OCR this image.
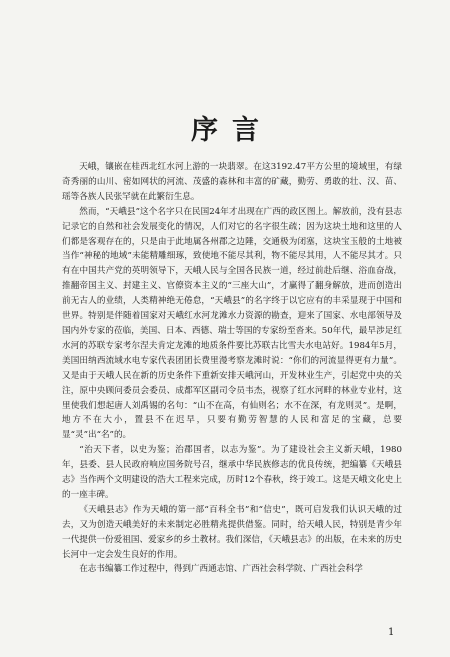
序言

天峨，镶嵌在桂西北红水河上游的一块翡翠。在这3192.47平方公里的境域里，有绿奇秀丽的山川、密如网状的河流、茂盛的森林和丰富的矿藏，勤劳、勇敢的壮、汉、苗、瑶等各族人民张罕就在此繁衍生息。

然而，“天峨县”这个名字只在民国24年才出现在广西的政区图上。解放前，没有县志记录它的自然和社会发展变化的情况，人们对它的名字很生疏；因为这块土地和这里的人们都是客观存在的，只是由于此地属各州郡之边陲，交通极为闭塞，这块宝玉般的土地被当作“神秘的地域”未能精雕细琢，致使地不能尽其利，物不能尽其用，人不能尽其才。只有在中国共产党的英明领导下，天峨人民与全国各民族一道，经过前赴后继、浴血奋战，推翻帝国主义、封建主义、官僚资本主义的“三座大山”，才赢得了翻身解放，进而创造出前无古人的业绩，人类精神绝无倦怠，“天峨县”的名字终于以它应有的丰采显现于中国和世界。特别是伴随着国家对天峨红水河龙滩水力资源的勘查，迎来了国家、水电部领导及国内外专家的莅临，美国、日本、西德、瑞士等国的专家纷至沓来。50年代，最早涉足红水河的苏联专家考尔涅夫肯定龙滩的地质条件要比苏联古比雪夫水电站好。1984年5月，美国田纳西流域水电专家代表团团长费里漫考察龙滩时说：“你们的河流显得更有力量”。又是由于天峨人民在新的历史条件下重新安排天峨河山，开发林业生产，引起党中央的关注，原中央顾问委员会委员、成都军区副司令员韦杰，视察了红水河畔的林业专业村，这里使我们想起唐人刘禹锡的名句：“山不在高，有仙则名；水不在深，有龙则灵”。是啊，地方不在大小，置县不在迟早，只要有勤劳智慧的人民和富足的宝藏，总要显“灵”出“名”的。

“治天下者，以史为鉴；治郡国者，以志为鉴”。为了建设社会主义新天峨，1980年，县委、县人民政府响应国务院号召，继承中华民族修志的优良传统，把编纂《天峨县志》当作两个文明建设的浩大工程来完成，历时12个春秋，终于竣工。这是天峨文化史上的一座丰碑。

《天峨县志》作为天峨的第一部“百科全书”和“信史”，既可启发我们认识天峨的过去，又为创造天峨美好的未来制定必胜精兆提供借鉴。同时，给天峨人民，特别是青少年一代提供一份爱祖国、爱家乡的乡土教材。我们深信，《天峨县志》的出版，在未来的历史长河中一定会发生良好的作用。

在志书编纂工作过程中，得到广西通志馆、广西社会科学院、广西社会科学

1
